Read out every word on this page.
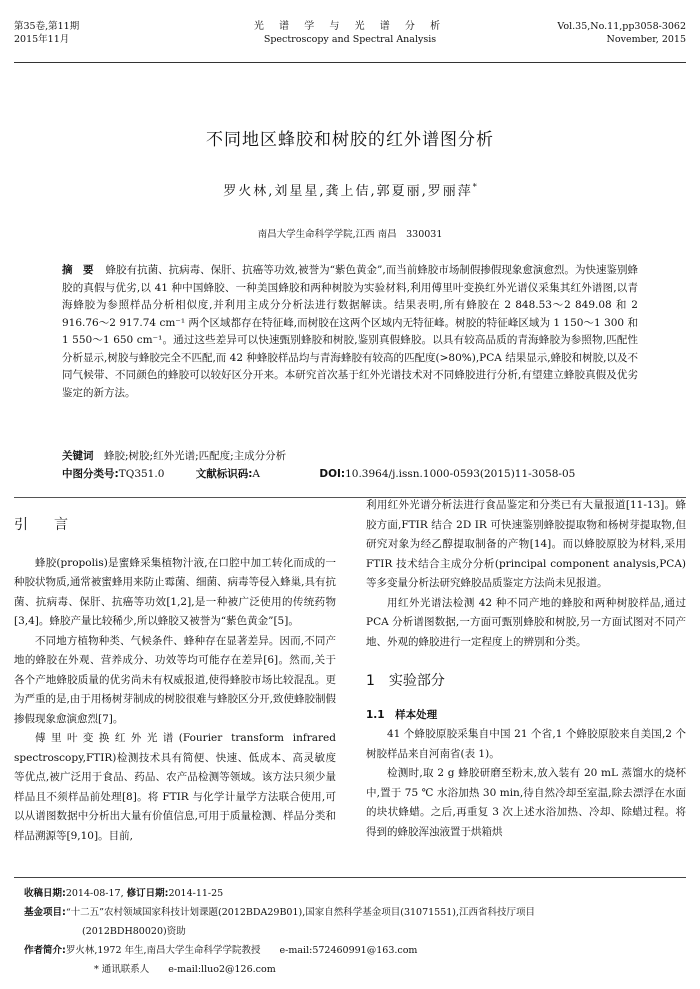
第35卷,第11期
2015年11月
光 谱 学 与 光 谱 分 析
Spectroscopy and Spectral Analysis
Vol.35,No.11,pp3058-3062
November, 2015
不同地区蜂胶和树胶的红外谱图分析
罗火林,刘星星,龚上佶,郭夏丽,罗丽萍*
南昌大学生命科学学院,江西 南昌　330031
摘　要 蜂胶有抗菌、抗病毒、保肝、抗癌等功效,被誉为“紫色黄金”,而当前蜂胶市场制假掺假现象愈演愈烈。为快速鉴别蜂胶的真假与优劣,以 41 种中国蜂胶、一种美国蜂胶和两种树胶为实验材料,利用傅里叶变换红外光谱仪采集其红外谱图,以青海蜂胶为参照样品分析相似度,并利用主成分分析法进行数据解读。结果表明,所有蜂胶在 2 848.53～2 849.08 和 2 916.76～2 917.74 cm⁻¹ 两个区域都存在特征峰,而树胶在这两个区域内无特征峰。树胶的特征峰区域为 1 150～1 300 和 1 550～1 650 cm⁻¹。通过这些差异可以快速甄别蜂胶和树胶,鉴别真假蜂胶。以具有较高品质的青海蜂胶为参照物,匹配性分析显示,树胶与蜂胶完全不匹配,而 42 种蜂胶样品均与青海蜂胶有较高的匹配度(>80%),PCA 结果显示,蜂胶和树胶,以及不同气候带、不同颜色的蜂胶可以较好区分开来。本研究首次基于红外光谱技术对不同蜂胶进行分析,有望建立蜂胶真假及优劣鉴定的新方法。
关键词　 蜂胶;树胶;红外光谱;匹配度;主成分分析
中图分类号:TQ351.0	文献标识码:A	DOI:10.3964/j.issn.1000-0593(2015)11-3058-05
引　言

蜂胶(propolis)是蜜蜂采集植物汁液,在口腔中加工转化而成的一种胶状物质,通常被蜜蜂用来防止霉菌、细菌、病毒等侵入蜂巢,具有抗菌、抗病毒、保肝、抗癌等功效[1,2],是一种被广泛使用的传统药物[3,4]。蜂胶产量比较稀少,所以蜂胶又被誉为“紫色黄金”[5]。

不同地方植物种类、气候条件、蜂种存在显著差异。因而,不同产地的蜂胶在外观、营养成分、功效等均可能存在差异[6]。然而,关于各个产地蜂胶质量的优劣尚未有权威报道,使得蜂胶市场比较混乱。更为严重的是,由于用杨树芽制成的树胶很难与蜂胶区分开,致使蜂胶制假掺假现象愈演愈烈[7]。

傅里叶变换红外光谱(Fourier transform infrared spectroscopy,FTIR)检测技术具有简便、快速、低成本、高灵敏度等优点,被广泛用于食品、药品、农产品检测等领域。该方法只须少量样品且不须样品前处理[8]。将 FTIR 与化学计量学方法联合使用,可以从谱图数据中分析出大量有价值信息,可用于质量检测、样品分类和样品溯源等[9,10]。目前,

利用红外光谱分析法进行食品鉴定和分类已有大量报道[11-13]。蜂胶方面,FTIR 结合 2D IR 可快速鉴别蜂胶提取物和杨树芽提取物,但研究对象为经乙醇提取制备的产物[14]。而以蜂胶原胶为材料,采用 FTIR 技术结合主成分分析(principal component analysis,PCA)等多变量分析法研究蜂胶品质鉴定方法尚未见报道。

用红外光谱法检测 42 种不同产地的蜂胶和两种树胶样品,通过 PCA 分析谱图数据,一方面可甄别蜂胶和树胶,另一方面试图对不同产地、外观的蜂胶进行一定程度上的辨别和分类。

1　实验部分
1.1　样本处理

41 个蜂胶原胶采集自中国 21 个省,1 个蜂胶原胶来自美国,2 个树胶样品来自河南省(表 1)。

检测时,取 2 g 蜂胶研磨至粉末,放入装有 20 mL 蒸馏水的烧杯中,置于 75 ℃ 水浴加热 30 min,待自然冷却至室温,除去漂浮在水面的块状蜂蜡。之后,再重复 3 次上述水浴加热、冷却、除蜡过程。将得到的蜂胶浑浊液置于烘箱烘

收稿日期:2014-08-17, 修订日期:2014-11-25
基金项目:“十二五”农村领域国家科技计划课题(2012BDA29B01),国家自然科学基金项目(31071551),江西省科技厅项目
(2012BDH80020)资助
作者简介:罗火林,1972 年生,南昌大学生命科学学院教授　　e-mail:572460991@163.com
* 通讯联系人　　e-mail:lluo2@126.com
